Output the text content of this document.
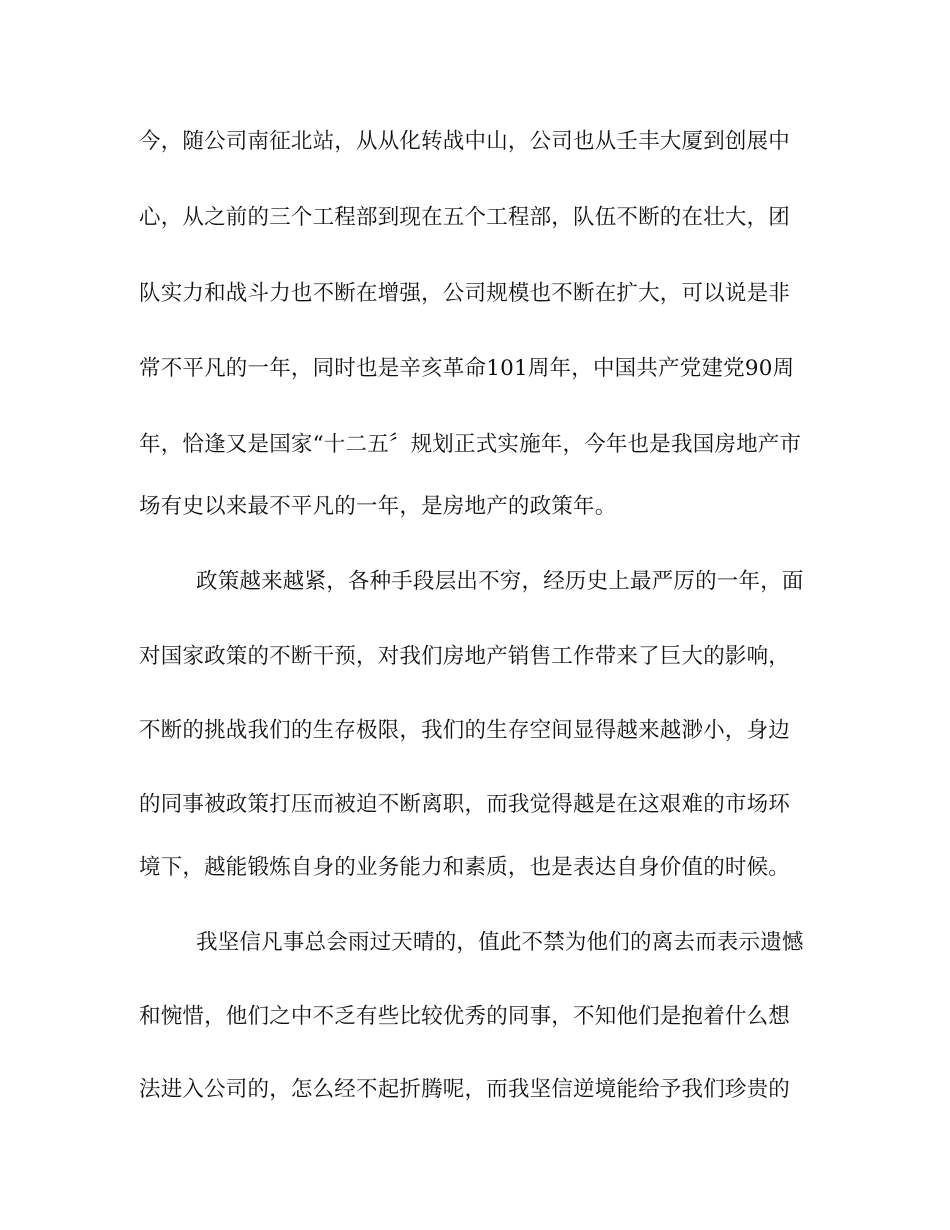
今，随公司南征北站，从从化转战中山，公司也从壬丰大厦到创展中
心，从之前的三个工程部到现在五个工程部，队伍不断的在壮大，团
队实力和战斗力也不断在增强，公司规模也不断在扩大，可以说是非
常不平凡的一年，同时也是辛亥革命101周年，中国共产党建党90周
年，恰逢又是国家“十二五〞规划正式实施年，今年也是我国房地产市
场有史以来最不平凡的一年，是房地产的政策年。
政策越来越紧，各种手段层出不穷，经历史上最严厉的一年，面
对国家政策的不断干预，对我们房地产销售工作带来了巨大的影响，
不断的挑战我们的生存极限，我们的生存空间显得越来越渺小，身边
的同事被政策打压而被迫不断离职，而我觉得越是在这艰难的市场环
境下，越能锻炼自身的业务能力和素质，也是表达自身价值的时候。
我坚信凡事总会雨过天晴的，值此不禁为他们的离去而表示遗憾
和惋惜，他们之中不乏有些比较优秀的同事，不知他们是抱着什么想
法进入公司的，怎么经不起折腾呢，而我坚信逆境能给予我们珍贵的
